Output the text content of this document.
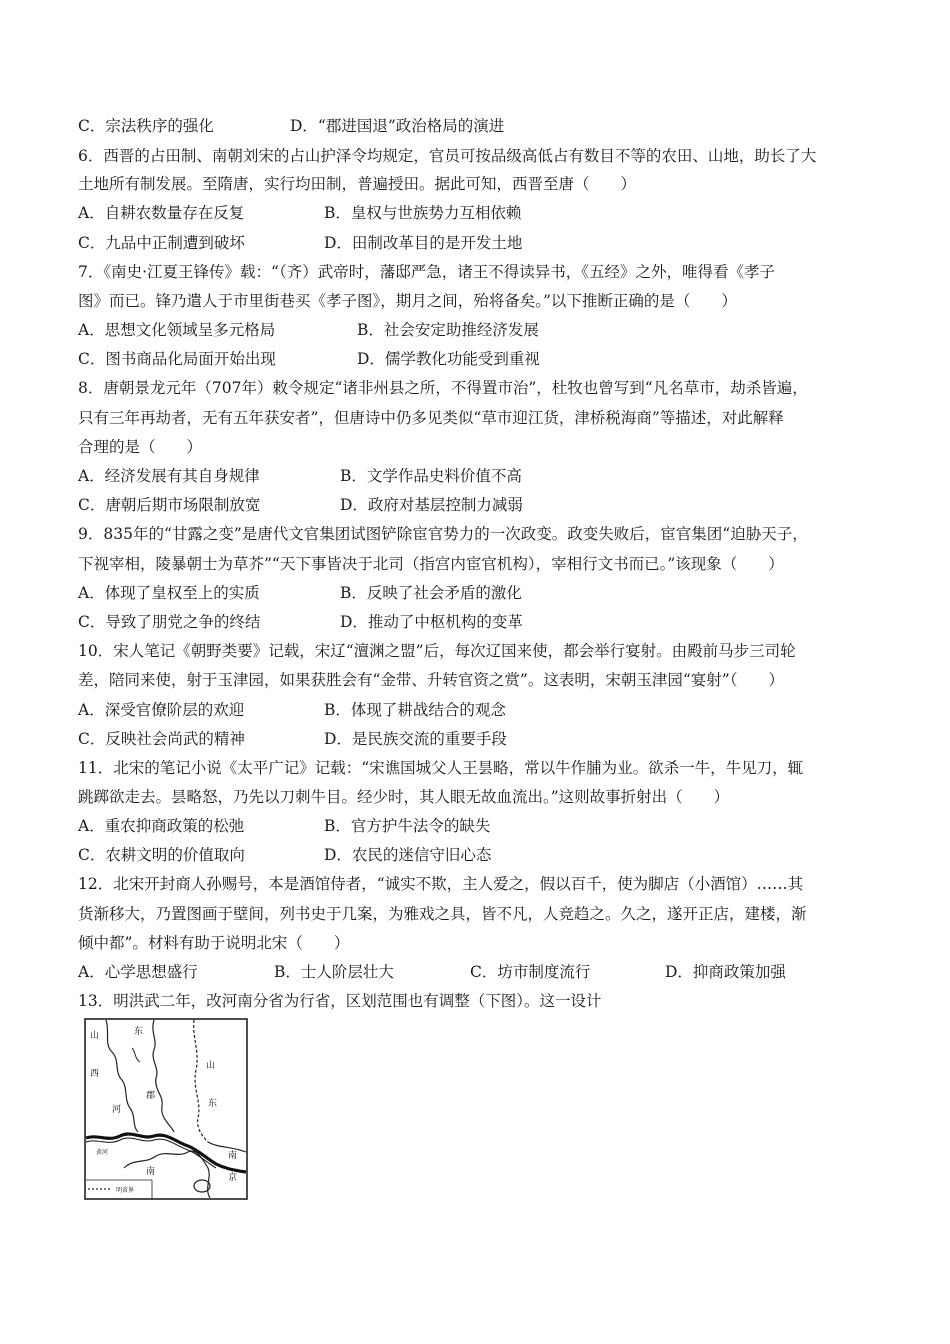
C．宗法秩序的强化	D．“郡进国退”政治格局的演进
6．西晋的占田制、南朝刘宋的占山护泽令均规定，官员可按品级高低占有数目不等的农田、山地，助长了大
土地所有制发展。至隋唐，实行均田制，普遍授田。据此可知，西晋至唐（　　）
A．自耕农数量存在反复	B．皇权与世族势力互相依赖
C．九品中正制遭到破坏	D．田制改革目的是开发土地
7．《南史·江夏王锋传》载：“（齐）武帝时，藩邸严急，诸王不得读异书，《五经》之外，唯得看《孝子
图》而已。锋乃遣人于市里街巷买《孝子图》，期月之间，殆将备矣。”以下推断正确的是（　　）
A．思想文化领域呈多元格局	B．社会安定助推经济发展
C．图书商品化局面开始出现	D．儒学教化功能受到重视
8．唐朝景龙元年（707年）敕令规定“诸非州县之所，不得置市治”，杜牧也曾写到“凡名草市，劫杀皆遍，
只有三年再劫者，无有五年获安者”，但唐诗中仍多见类似“草市迎江货，津桥税海商”等描述，对此解释
合理的是（　　）
A．经济发展有其自身规律	B．文学作品史料价值不高
C．唐朝后期市场限制放宽	D．政府对基层控制力减弱
9．835年的“甘露之变”是唐代文官集团试图铲除宦官势力的一次政变。政变失败后，宦官集团“迫胁天子，
下视宰相，陵暴朝士为草芥”“天下事皆决于北司（指宫内宦官机构），宰相行文书而已。”该现象（　　）
A．体现了皇权至上的实质	B．反映了社会矛盾的激化
C．导致了朋党之争的终结	D．推动了中枢机构的变革
10．宋人笔记《朝野类要》记载，宋辽“澶渊之盟”后，每次辽国来使，都会举行宴射。由殿前马步三司轮
差，陪同来使，射于玉津园，如果获胜会有“金带、升转官资之赏”。这表明，宋朝玉津园“宴射”（　　）
A．深受官僚阶层的欢迎	B．体现了耕战结合的观念
C．反映社会尚武的精神	D．是民族交流的重要手段
11．北宋的笔记小说《太平广记》记载：“宋谯国城父人王昙略，常以牛作脯为业。欲杀一牛，牛见刀，辄
跳踯欲走去。昙略怒，乃先以刀刺牛目。经少时，其人眼无故血流出。”这则故事折射出（　　）
A．重农抑商政策的松弛	B．官方护牛法令的缺失
C．农耕文明的价值取向	D．农民的迷信守旧心态
12．北宋开封商人孙赐号，本是酒馆侍者，“诚实不欺，主人爱之，假以百千，使为脚店（小酒馆）……其
货渐移大，乃置图画于壁间，列书史于几案，为雅戏之具，皆不凡，人竞趋之。久之，遂开正店，建楼，渐
倾中都”。材料有助于说明北宋（　　）
A．心学思想盛行	B．士人阶层壮大	C．坊市制度流行	D．抑商政策加强
13．明洪武二年，改河南分省为行省，区划范围也有调整（下图）。这一设计
山	东
西
山
郡
东
河
南
南
京
黄河
明省界
